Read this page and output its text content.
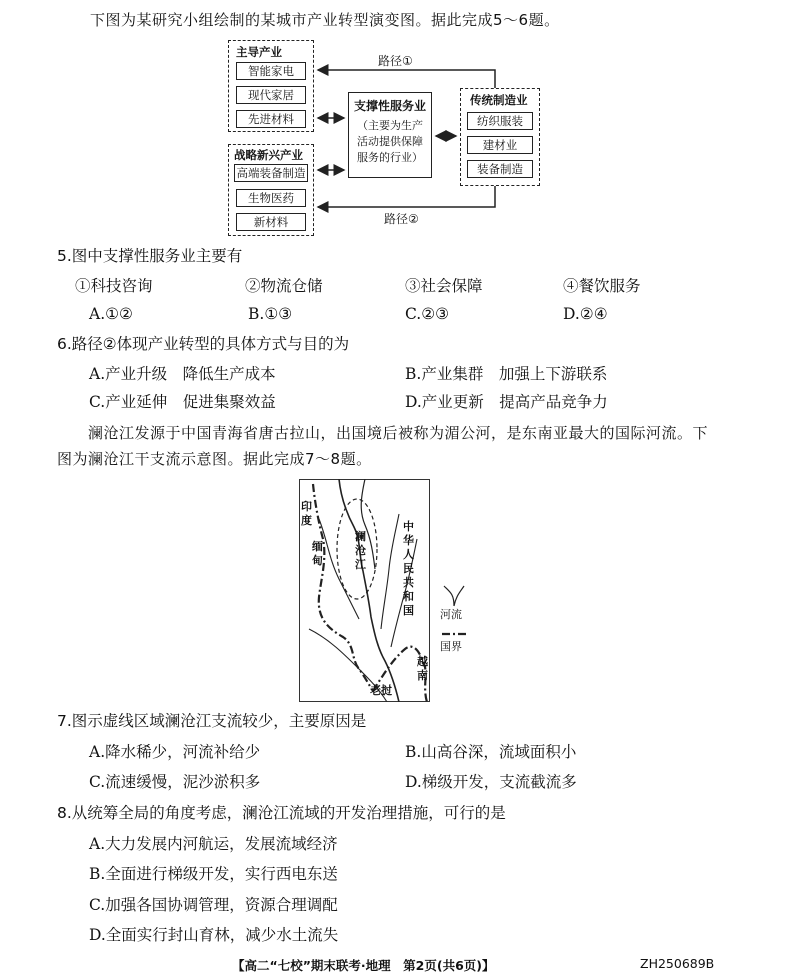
下图为某研究小组绘制的某城市产业转型演变图。据此完成5～6题。
主导产业
智能家电
现代家居
先进材料
战略新兴产业
高端装备制造
生物医药
新材料
支撑性服务业
（主要为生产活动提供保障服务的行业）
传统制造业
纺织服装
建材业
装备制造
路径①
路径②
5.图中支撑性服务业主要有
①科技咨询	②物流仓储	③社会保障	④餐饮服务
A.①②	B.①③	C.②③	D.②④
6.路径②体现产业转型的具体方式与目的为
A.产业升级　降低生产成本	B.产业集群　加强上下游联系
C.产业延伸　促进集聚效益	D.产业更新　提高产品竞争力
澜沧江发源于中国青海省唐古拉山，出国境后被称为湄公河，是东南亚最大的国际河流。下
图为澜沧江干支流示意图。据此完成7～8题。
印度
缅甸
澜沧江
中华人民共和国
越南
老挝
河流
国界
7.图示虚线区域澜沧江支流较少，主要原因是
A.降水稀少，河流补给少	B.山高谷深，流域面积小
C.流速缓慢，泥沙淤积多	D.梯级开发，支流截流多
8.从统筹全局的角度考虑，澜沧江流域的开发治理措施，可行的是
A.大力发展内河航运，发展流域经济
B.全面进行梯级开发，实行西电东送
C.加强各国协调管理，资源合理调配
D.全面实行封山育林，减少水土流失
【高二“七校”期末联考·地理　第2页(共6页)】	ZH250689B
